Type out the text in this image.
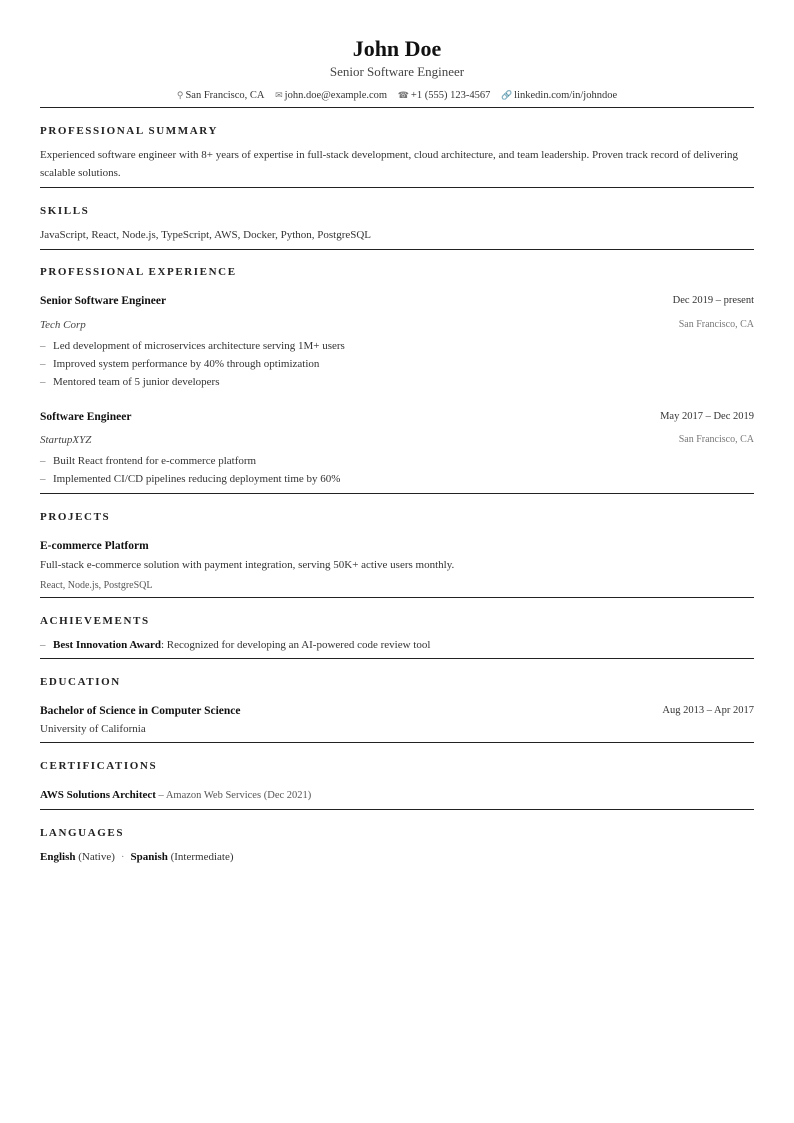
John Doe
Senior Software Engineer
⚲ San Francisco, CA ✉ john.doe@example.com ☎ +1 (555) 123-4567 🔗 linkedin.com/in/johndoe
PROFESSIONAL SUMMARY
Experienced software engineer with 8+ years of expertise in full-stack development, cloud architecture, and team leadership. Proven track record of delivering scalable solutions.
SKILLS
JavaScript, React, Node.js, TypeScript, AWS, Docker, Python, PostgreSQL
PROFESSIONAL EXPERIENCE
Senior Software Engineer	Dec 2019 – present
Tech Corp	San Francisco, CA
– Led development of microservices architecture serving 1M+ users
– Improved system performance by 40% through optimization
– Mentored team of 5 junior developers
Software Engineer	May 2017 – Dec 2019
StartupXYZ	San Francisco, CA
– Built React frontend for e-commerce platform
– Implemented CI/CD pipelines reducing deployment time by 60%
PROJECTS
E-commerce Platform
Full-stack e-commerce solution with payment integration, serving 50K+ active users monthly.
React, Node.js, PostgreSQL
ACHIEVEMENTS
– Best Innovation Award: Recognized for developing an AI-powered code review tool
EDUCATION
Bachelor of Science in Computer Science	Aug 2013 – Apr 2017
University of California
CERTIFICATIONS
AWS Solutions Architect – Amazon Web Services (Dec 2021)
LANGUAGES
English (Native) · Spanish (Intermediate)
